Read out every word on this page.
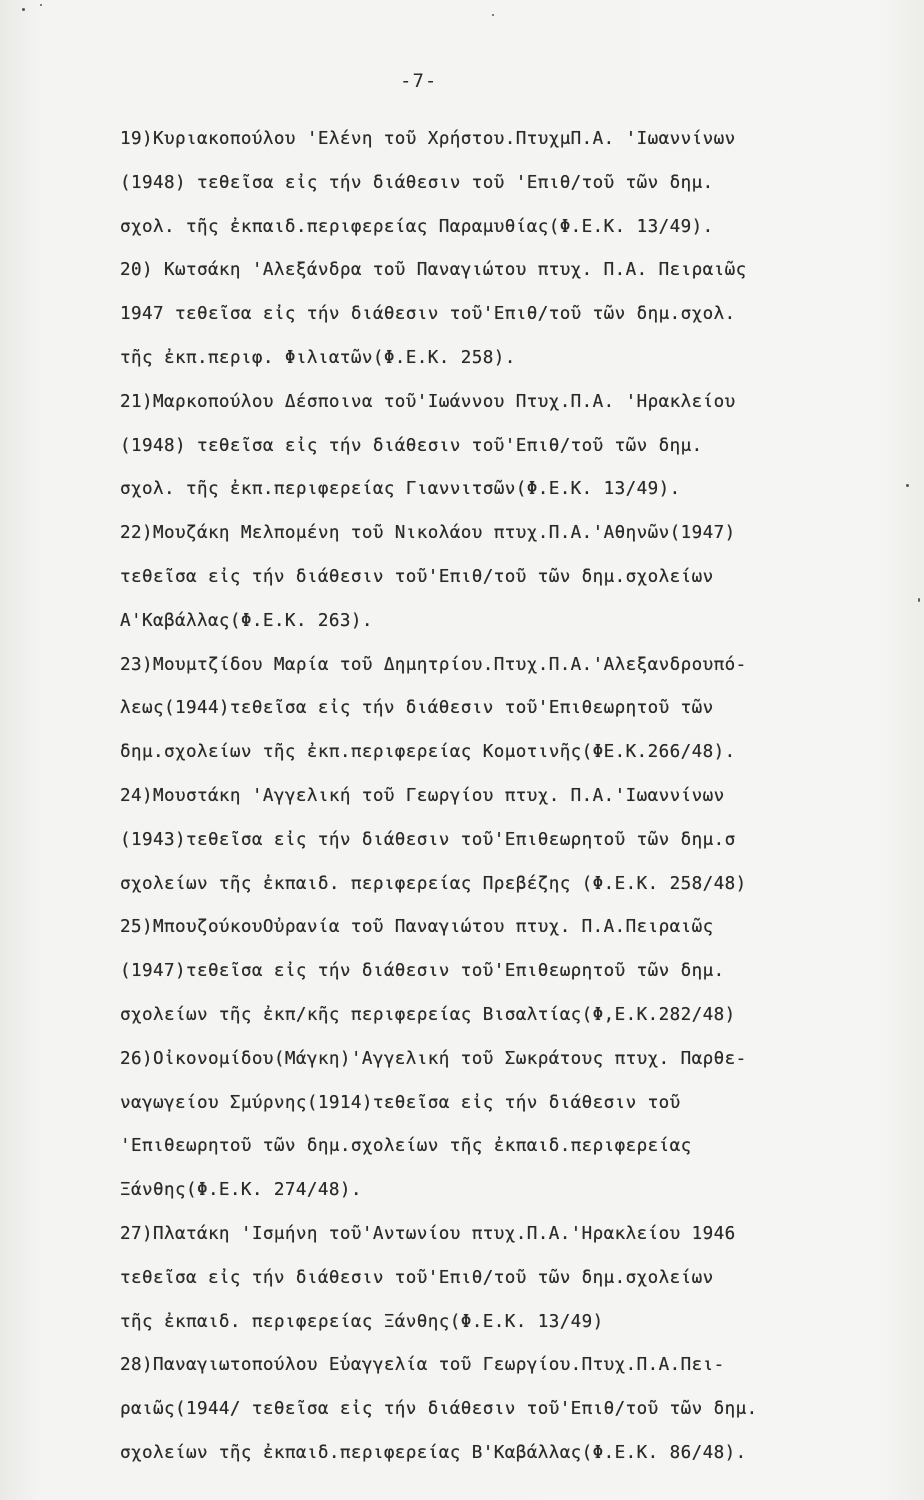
-7-
19)Κυριακοπούλου 'Ελένη τοῦ Χρήστου.ΠτυχμΠ.Α. 'Ιωαννίνων
(1948) τεθεῖσα εἰς τήν διάθεσιν τοῦ 'Επιθ/τοῦ τῶν δημ.
σχολ. τῆς ἐκπαιδ.περιφερείας Παραμυθίας(Φ.Ε.Κ. 13/49).
20) Κωτσάκη 'Αλεξάνδρα τοῦ Παναγιώτου πτυχ. Π.Α. Πειραιῶς
1947 τεθεῖσα εἰς τήν διάθεσιν τοῦ'Επιθ/τοῦ τῶν δημ.σχολ.
τῆς ἐκπ.περιφ. Φιλιατῶν(Φ.Ε.Κ. 258).
21)Μαρκοπούλου Δέσποινα τοῦ'Ιωάννου Πτυχ.Π.Α. 'Ηρακλείου
(1948) τεθεῖσα εἰς τήν διάθεσιν τοῦ'Επιθ/τοῦ τῶν δημ.
σχολ. τῆς ἐκπ.περιφερείας Γιαννιτσῶν(Φ.Ε.Κ. 13/49).
22)Μουζάκη Μελπομένη τοῦ Νικολάου πτυχ.Π.Α.'Αθηνῶν(1947)
τεθεῖσα εἰς τήν διάθεσιν τοῦ'Επιθ/τοῦ τῶν δημ.σχολείων
Α'Καβάλλας(Φ.Ε.Κ. 263).
23)Μουμτζίδου Μαρία τοῦ Δημητρίου.Πτυχ.Π.Α.'Αλεξανδρουπό-
λεως(1944)τεθεῖσα εἰς τήν διάθεσιν τοῦ'Επιθεωρητοῦ τῶν
δημ.σχολείων τῆς ἐκπ.περιφερείας Κομοτινῆς(ΦΕ.Κ.266/48).
24)Μουστάκη 'Αγγελική τοῦ Γεωργίου πτυχ. Π.Α.'Ιωαννίνων
(1943)τεθεῖσα εἰς τήν διάθεσιν τοῦ'Επιθεωρητοῦ τῶν δημ.σ
σχολείων τῆς ἐκπαιδ. περιφερείας Πρεβέζης (Φ.Ε.Κ. 258/48)
25)ΜπουζούκουΟὐρανία τοῦ Παναγιώτου πτυχ. Π.Α.Πειραιῶς
(1947)τεθεῖσα εἰς τήν διάθεσιν τοῦ'Επιθεωρητοῦ τῶν δημ.
σχολείων τῆς ἐκπ/κῆς περιφερείας Βισαλτίας(Φ,Ε.Κ.282/48)
26)Οἰκονομίδου(Μάγκη)'Αγγελική τοῦ Σωκράτους πτυχ. Παρθε-
ναγωγείου Σμύρνης(1914)τεθεῖσα εἰς τήν διάθεσιν τοῦ
'Επιθεωρητοῦ τῶν δημ.σχολείων τῆς ἐκπαιδ.περιφερείας
Ξάνθης(Φ.Ε.Κ. 274/48).
27)Πλατάκη 'Ισμήνη τοῦ'Αντωνίου πτυχ.Π.Α.'Ηρακλείου 1946
τεθεῖσα εἰς τήν διάθεσιν τοῦ'Επιθ/τοῦ τῶν δημ.σχολείων
τῆς ἐκπαιδ. περιφερείας Ξάνθης(Φ.Ε.Κ. 13/49)
28)Παναγιωτοπούλου Εὐαγγελία τοῦ Γεωργίου.Πτυχ.Π.Α.Πει-
ραιῶς(1944/ τεθεῖσα εἰς τήν διάθεσιν τοῦ'Επιθ/τοῦ τῶν δημ.
σχολείων τῆς ἐκπαιδ.περιφερείας Β'Καβάλλας(Φ.Ε.Κ. 86/48).
